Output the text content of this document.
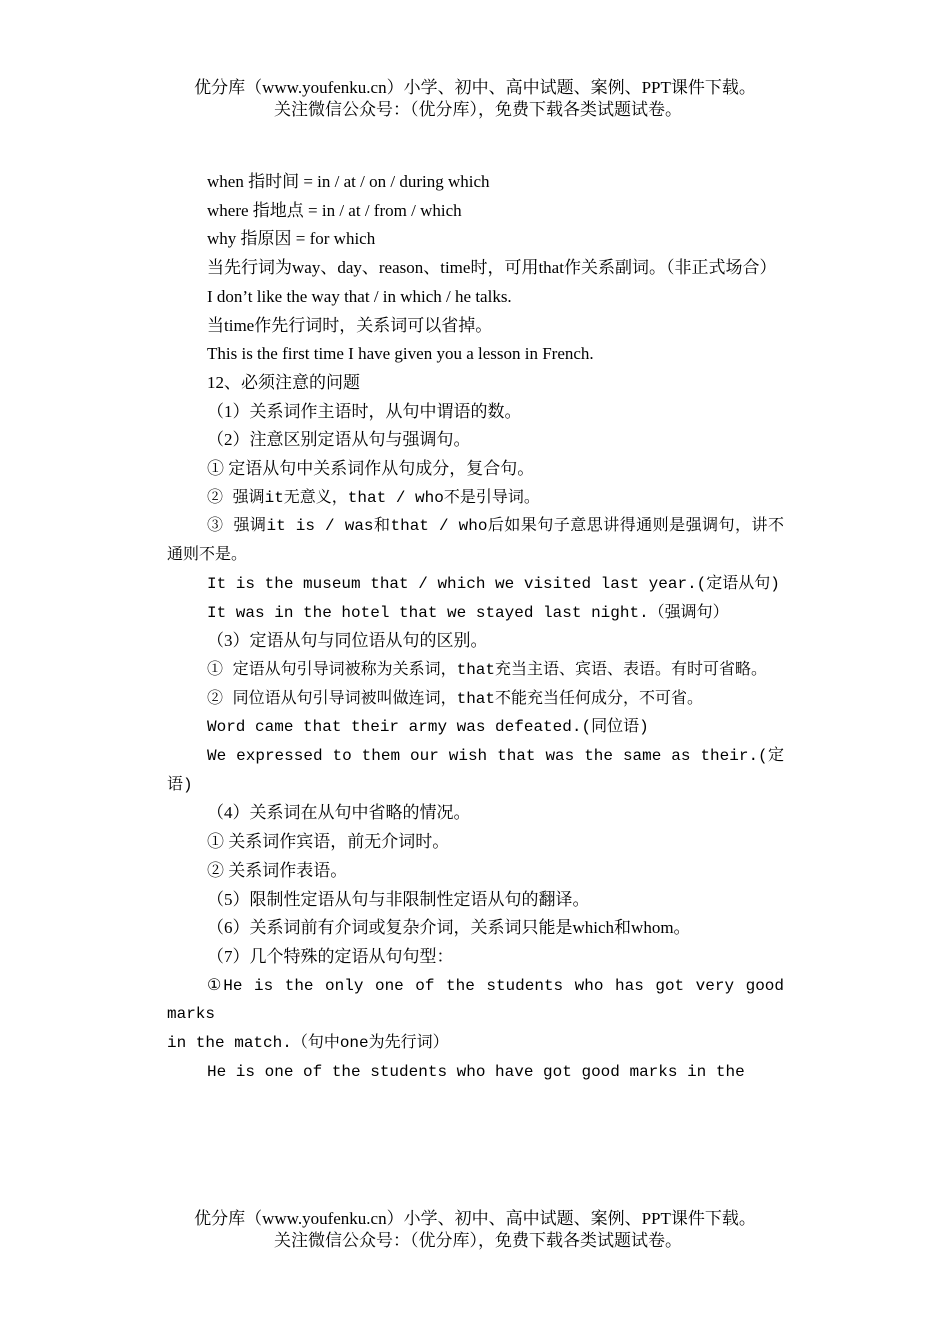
优分库（www.youfenku.cn）小学、初中、高中试题、案例、PPT课件下载。
关注微信公众号：（优分库），免费下载各类试题试卷。

when 指时间 = in / at / on / during which

where 指地点 = in / at / from / which

why 指原因 = for which

当先行词为way、day、reason、time时，可用that作关系副词。（非正式场合）

I don’t like the way that / in which / he talks.

当time作先行词时，关系词可以省掉。

This is the first time I have given you a lesson in French.

12、必须注意的问题

（1）关系词作主语时，从句中谓语的数。

（2）注意区别定语从句与强调句。

① 定语从句中关系词作从句成分，复合句。

② 强调it无意义，that / who不是引导词。

③ 强调it is / was和that / who后如果句子意思讲得通则是强调句，讲不通则不是。

It is the museum that / which we visited last year.(定语从句)

It was in the hotel that we stayed last night.（强调句）

（3）定语从句与同位语从句的区别。

① 定语从句引导词被称为关系词，that充当主语、宾语、表语。有时可省略。

② 同位语从句引导词被叫做连词，that不能充当任何成分，不可省。

Word came that their army was defeated.(同位语)

We expressed to them our wish that was the same as their.(定语)

（4）关系词在从句中省略的情况。

① 关系词作宾语，前无介词时。

② 关系词作表语。

（5）限制性定语从句与非限制性定语从句的翻译。

（6）关系词前有介词或复杂介词，关系词只能是which和whom。

（7）几个特殊的定语从句句型：

①He is the only one of the students who has got very good marks

in the match.（句中one为先行词）

He is one of the students who have got good marks in the

优分库（www.youfenku.cn）小学、初中、高中试题、案例、PPT课件下载。
关注微信公众号：（优分库），免费下载各类试题试卷。
